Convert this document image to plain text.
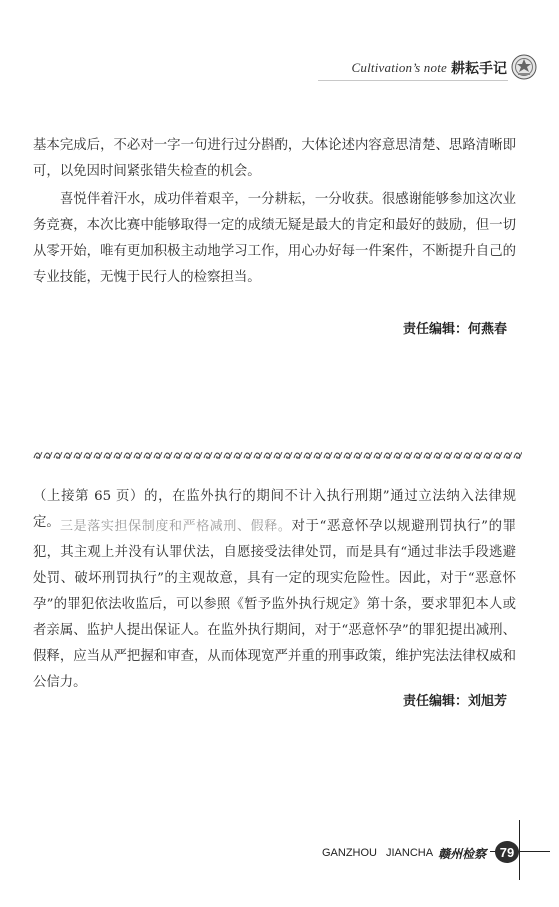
Cultivation’s note 耕耘手记

基本完成后，不必对一字一句进行过分斟酌，大体论述内容意思清楚、思路清晰即可，以免因时间紧张错失检查的机会。

喜悦伴着汗水，成功伴着艰辛，一分耕耘，一分收获。很感谢能够参加这次业务竞赛，本次比赛中能够取得一定的成绩无疑是最大的肯定和最好的鼓励，但一切从零开始，唯有更加积极主动地学习工作，用心办好每一件案件，不断提升自己的专业技能，无愧于民行人的检察担当。

责任编辑：何燕春

（上接第 65 页）的，在监外执行的期间不计入执行刑期”通过立法纳入法律规定。 三是落实担保制度和严格减刑、假释。对于“恶意怀孕以规避刑罚执行”的罪犯，其主观上并没有认罪伏法，自愿接受法律处罚，而是具有“通过非法手段逃避处罚、破坏刑罚执行”的主观故意，具有一定的现实危险性。因此，对于“恶意怀孕”的罪犯依法收监后，可以参照《暂予监外执行规定》第十条，要求罪犯本人或者亲属、监护人提出保证人。在监外执行期间，对于“恶意怀孕”的罪犯提出减刑、假释，应当从严把握和审查，从而体现宽严并重的刑事政策，维护宪法法律权威和公信力。

责任编辑：刘旭芳
GANZHOU JIANCHA 赣州检察	79
